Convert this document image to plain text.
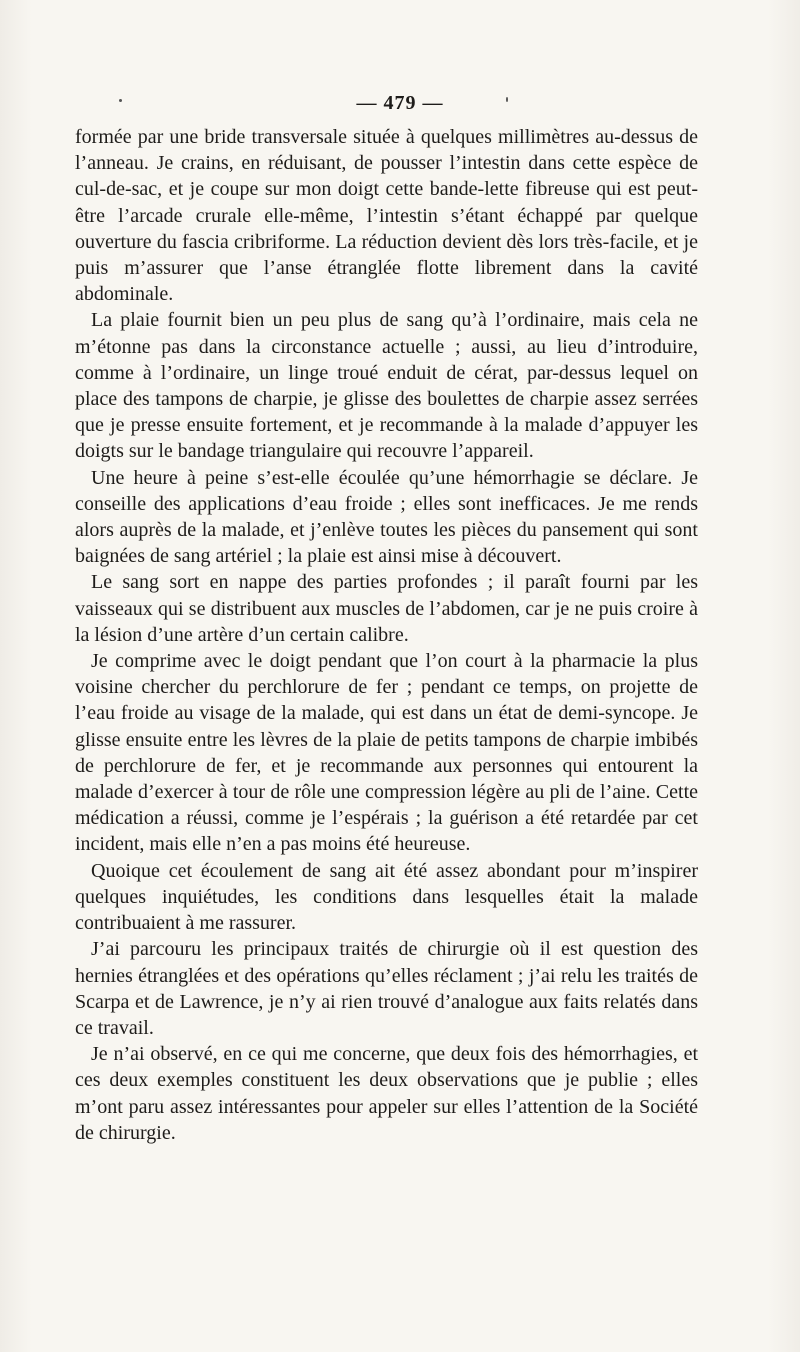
— 479 —

formée par une bride transversale située à quelques millimètres au-dessus de l’anneau. Je crains, en réduisant, de pousser l’intestin dans cette espèce de cul-de-sac, et je coupe sur mon doigt cette bande-lette fibreuse qui est peut-être l’arcade crurale elle-même, l’intestin s’étant échappé par quelque ouverture du fascia cribriforme. La réduction devient dès lors très-facile, et je puis m’assurer que l’anse étranglée flotte librement dans la cavité abdominale.

La plaie fournit bien un peu plus de sang qu’à l’ordinaire, mais cela ne m’étonne pas dans la circonstance actuelle ; aussi, au lieu d’introduire, comme à l’ordinaire, un linge troué enduit de cérat, par-dessus lequel on place des tampons de charpie, je glisse des boulettes de charpie assez serrées que je presse ensuite fortement, et je recommande à la malade d’appuyer les doigts sur le bandage triangulaire qui recouvre l’appareil.

Une heure à peine s’est-elle écoulée qu’une hémorrhagie se déclare. Je conseille des applications d’eau froide ; elles sont inefficaces. Je me rends alors auprès de la malade, et j’enlève toutes les pièces du pansement qui sont baignées de sang artériel ; la plaie est ainsi mise à découvert.

Le sang sort en nappe des parties profondes ; il paraît fourni par les vaisseaux qui se distribuent aux muscles de l’abdomen, car je ne puis croire à la lésion d’une artère d’un certain calibre.

Je comprime avec le doigt pendant que l’on court à la pharmacie la plus voisine chercher du perchlorure de fer ; pendant ce temps, on projette de l’eau froide au visage de la malade, qui est dans un état de demi-syncope. Je glisse ensuite entre les lèvres de la plaie de petits tampons de charpie imbibés de perchlorure de fer, et je recommande aux personnes qui entourent la malade d’exercer à tour de rôle une compression légère au pli de l’aine. Cette médication a réussi, comme je l’espérais ; la guérison a été retardée par cet incident, mais elle n’en a pas moins été heureuse.

Quoique cet écoulement de sang ait été assez abondant pour m’inspirer quelques inquiétudes, les conditions dans lesquelles était la malade contribuaient à me rassurer.

J’ai parcouru les principaux traités de chirurgie où il est question des hernies étranglées et des opérations qu’elles réclament ; j’ai relu les traités de Scarpa et de Lawrence, je n’y ai rien trouvé d’analogue aux faits relatés dans ce travail.

Je n’ai observé, en ce qui me concerne, que deux fois des hémorrhagies, et ces deux exemples constituent les deux observations que je publie ; elles m’ont paru assez intéressantes pour appeler sur elles l’attention de la Société de chirurgie.
